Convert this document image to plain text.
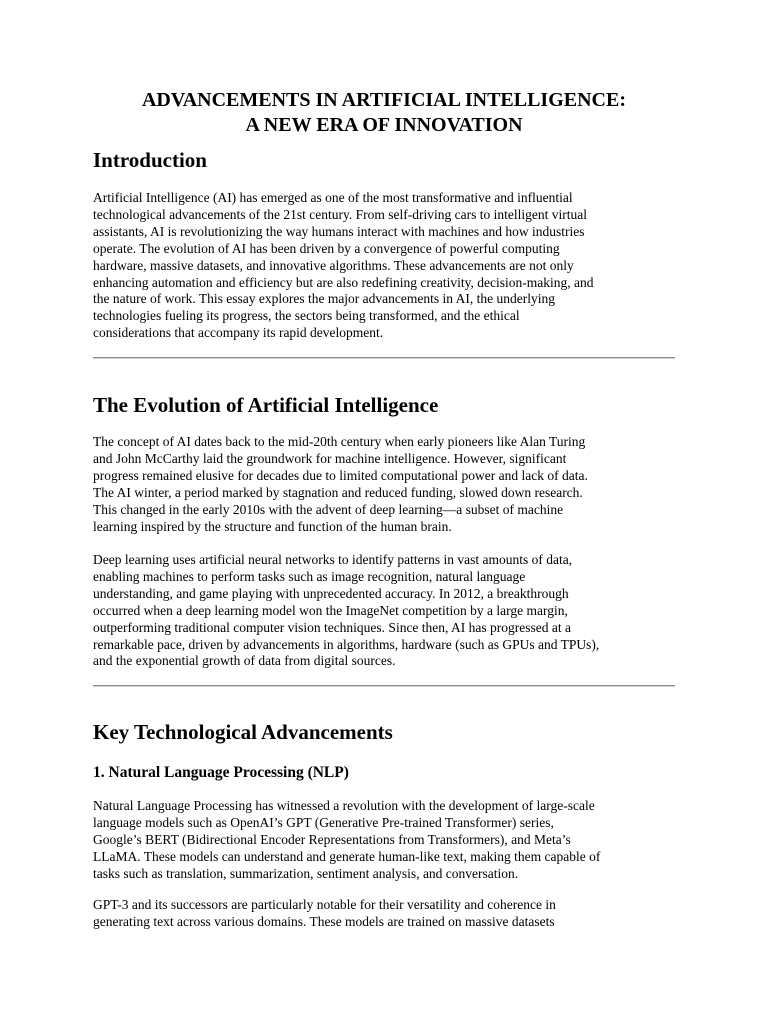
ADVANCEMENTS IN ARTIFICIAL INTELLIGENCE:
A NEW ERA OF INNOVATION
Introduction

Artificial Intelligence (AI) has emerged as one of the most transformative and influential
technological advancements of the 21st century. From self-driving cars to intelligent virtual
assistants, AI is revolutionizing the way humans interact with machines and how industries
operate. The evolution of AI has been driven by a convergence of powerful computing
hardware, massive datasets, and innovative algorithms. These advancements are not only
enhancing automation and efficiency but are also redefining creativity, decision-making, and
the nature of work. This essay explores the major advancements in AI, the underlying
technologies fueling its progress, the sectors being transformed, and the ethical
considerations that accompany its rapid development.

The Evolution of Artificial Intelligence

The concept of AI dates back to the mid-20th century when early pioneers like Alan Turing
and John McCarthy laid the groundwork for machine intelligence. However, significant
progress remained elusive for decades due to limited computational power and lack of data.
The AI winter, a period marked by stagnation and reduced funding, slowed down research.
This changed in the early 2010s with the advent of deep learning—a subset of machine
learning inspired by the structure and function of the human brain.

Deep learning uses artificial neural networks to identify patterns in vast amounts of data,
enabling machines to perform tasks such as image recognition, natural language
understanding, and game playing with unprecedented accuracy. In 2012, a breakthrough
occurred when a deep learning model won the ImageNet competition by a large margin,
outperforming traditional computer vision techniques. Since then, AI has progressed at a
remarkable pace, driven by advancements in algorithms, hardware (such as GPUs and TPUs),
and the exponential growth of data from digital sources.

Key Technological Advancements
1. Natural Language Processing (NLP)

Natural Language Processing has witnessed a revolution with the development of large-scale
language models such as OpenAI’s GPT (Generative Pre-trained Transformer) series,
Google’s BERT (Bidirectional Encoder Representations from Transformers), and Meta’s
LLaMA. These models can understand and generate human-like text, making them capable of
tasks such as translation, summarization, sentiment analysis, and conversation.

GPT-3 and its successors are particularly notable for their versatility and coherence in
generating text across various domains. These models are trained on massive datasets
